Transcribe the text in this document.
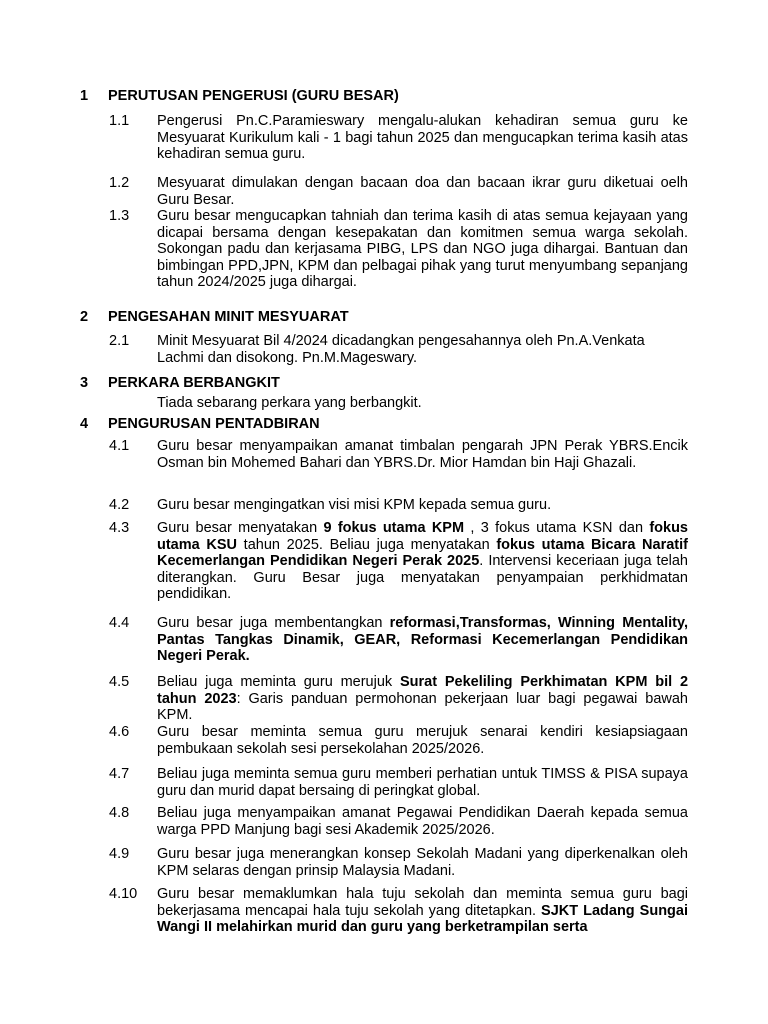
1 PERUTUSAN PENGERUSI (GURU BESAR)
1.1 Pengerusi Pn.C.Paramieswary mengalu-alukan kehadiran semua guru ke Mesyuarat Kurikulum kali - 1 bagi tahun 2025 dan mengucapkan terima kasih atas kehadiran semua guru.
1.2 Mesyuarat dimulakan dengan bacaan doa dan bacaan ikrar guru diketuai oelh Guru Besar.
1.3 Guru besar mengucapkan tahniah dan terima kasih di atas semua kejayaan yang dicapai bersama dengan kesepakatan dan komitmen semua warga sekolah. Sokongan padu dan kerjasama PIBG, LPS dan NGO juga dihargai. Bantuan dan bimbingan PPD,JPN, KPM dan pelbagai pihak yang turut menyumbang sepanjang tahun 2024/2025 juga dihargai.
2 PENGESAHAN MINIT MESYUARAT
2.1 Minit Mesyuarat Bil 4/2024 dicadangkan pengesahannya oleh Pn.A.Venkata Lachmi dan disokong. Pn.M.Mageswary.
3 PERKARA BERBANGKIT
Tiada sebarang perkara yang berbangkit.
4 PENGURUSAN PENTADBIRAN
4.1 Guru besar menyampaikan amanat timbalan pengarah JPN Perak YBRS.Encik Osman bin Mohemed Bahari dan YBRS.Dr. Mior Hamdan bin Haji Ghazali.
4.2 Guru besar mengingatkan visi misi KPM kepada semua guru.
4.3 Guru besar menyatakan 9 fokus utama KPM , 3 fokus utama KSN dan fokus utama KSU tahun 2025. Beliau juga menyatakan fokus utama Bicara Naratif Kecemerlangan Pendidikan Negeri Perak 2025. Intervensi keceriaan juga telah diterangkan. Guru Besar juga menyatakan penyampaian perkhidmatan pendidikan.
4.4 Guru besar juga membentangkan reformasi,Transformas, Winning Mentality, Pantas Tangkas Dinamik, GEAR, Reformasi Kecemerlangan Pendidikan Negeri Perak.
4.5 Beliau juga meminta guru merujuk Surat Pekeliling Perkhimatan KPM bil 2 tahun 2023: Garis panduan permohonan pekerjaan luar bagi pegawai bawah KPM.
4.6 Guru besar meminta semua guru merujuk senarai kendiri kesiapsiagaan pembukaan sekolah sesi persekolahan 2025/2026.
4.7 Beliau juga meminta semua guru memberi perhatian untuk TIMSS & PISA supaya guru dan murid dapat bersaing di peringkat global.
4.8 Beliau juga menyampaikan amanat Pegawai Pendidikan Daerah kepada semua warga PPD Manjung bagi sesi Akademik 2025/2026.
4.9 Guru besar juga menerangkan konsep Sekolah Madani yang diperkenalkan oleh KPM selaras dengan prinsip Malaysia Madani.
4.10 Guru besar memaklumkan hala tuju sekolah dan meminta semua guru bagi bekerjasama mencapai hala tuju sekolah yang ditetapkan. SJKT Ladang Sungai Wangi II melahirkan murid dan guru yang berketrampilan serta
